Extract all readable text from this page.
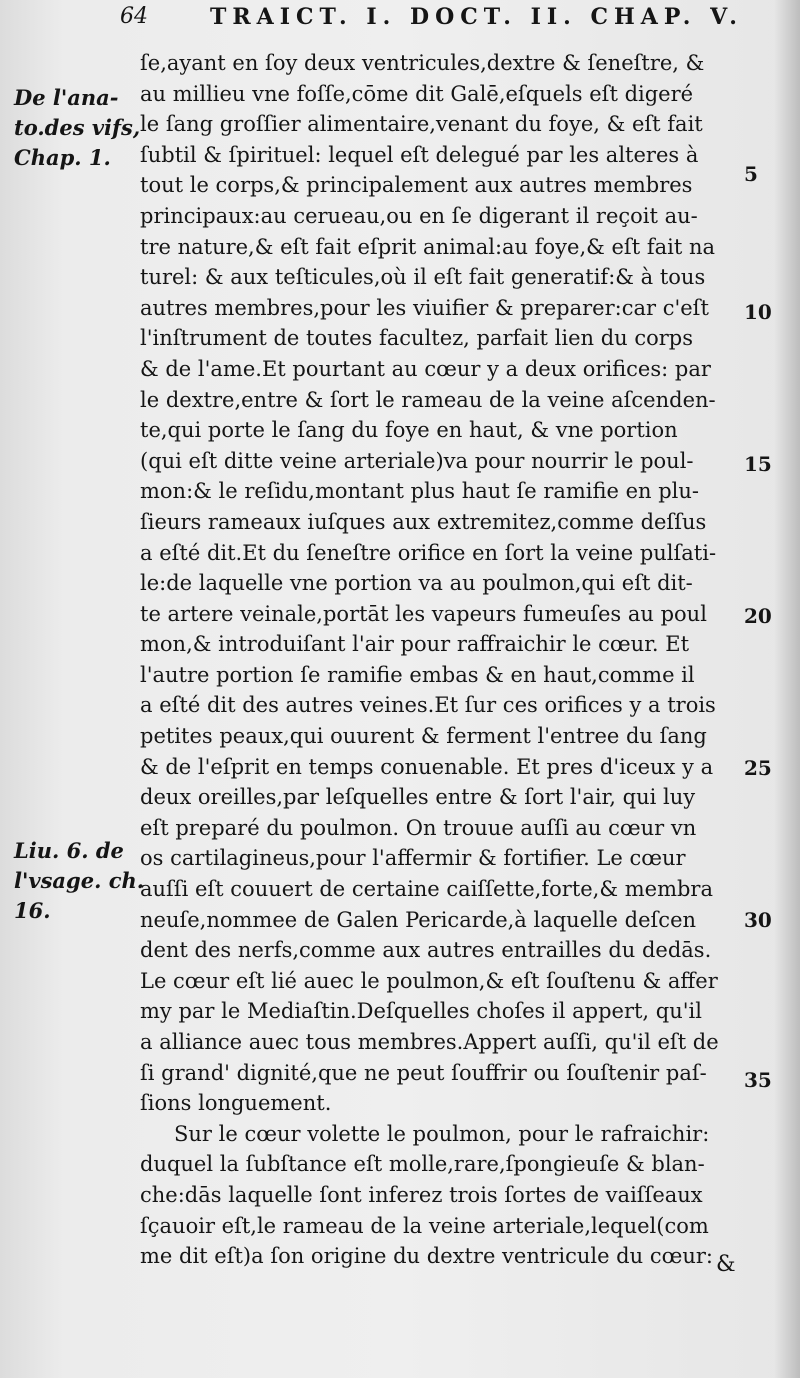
64	TRAICT. I. DOCT. II. CHAP. V.
ſe,ayant en ſoy deux ventricules,dextre & ſeneſtre, &
au millieu vne foſſe,cōme dit Galē,eſquels eſt digeré
le ſang groſſier alimentaire,venant du foye, & eſt fait
ſubtil & ſpirituel: lequel eſt delegué par les alteres à
tout le corps,& principalement aux autres membres
principaux:au cerueau,ou en ſe digerant il reçoit au-
tre nature,& eſt fait eſprit animal:au foye,& eſt fait na
turel: & aux teſticules,où il eſt fait generatif:& à tous
autres membres,pour les viuifier & preparer:car c'eſt
l'inſtrument de toutes facultez, parfait lien du corps
& de l'ame.Et pourtant au cœur y a deux orifices: par
le dextre,entre & ſort le rameau de la veine aſcenden-
te,qui porte le ſang du foye en haut, & vne portion
(qui eſt ditte veine arteriale)va pour nourrir le poul-
mon:& le reſidu,montant plus haut ſe ramifie en plu-
ſieurs rameaux iuſques aux extremitez,comme deſſus
a eſté dit.Et du ſeneſtre orifice en ſort la veine pulſati-
le:de laquelle vne portion va au poulmon,qui eſt dit-
te artere veinale,portāt les vapeurs fumeuſes au poul
mon,& introduiſant l'air pour raffraichir le cœur. Et
l'autre portion ſe ramifie embas & en haut,comme il
a eſté dit des autres veines.Et ſur ces orifices y a trois
petites peaux,qui ouurent & ferment l'entree du ſang
& de l'eſprit en temps conuenable. Et pres d'iceux y a
deux oreilles,par leſquelles entre & ſort l'air, qui luy
eſt preparé du poulmon. On trouue auſſi au cœur vn
os cartilagineus,pour l'affermir & fortifier. Le cœur
auſſi eſt couuert de certaine caiſſette,forte,& membra
neuſe,nommee de Galen Pericarde,à laquelle deſcen
dent des nerfs,comme aux autres entrailles du dedās.
Le cœur eſt lié auec le poulmon,& eſt ſouſtenu & affer
my par le Mediaſtin.Deſquelles choſes il appert, qu'il
a alliance auec tous membres.Appert auſſi, qu'il eſt de
ſi grand' dignité,que ne peut ſouffrir ou ſouſtenir paſ-
ſions longuement.
Sur le cœur volette le poulmon, pour le rafraichir:
duquel la ſubſtance eſt molle,rare,ſpongieuſe & blan-
che:dās laquelle ſont inferez trois ſortes de vaiſſeaux
ſçauoir eſt,le rameau de la veine arteriale,lequel(com
me dit eſt)a ſon origine du dextre ventricule du cœur:
De l'ana-
to.des vifs,
Chap. 1.
Liu. 6. de
l'vsage. ch.
16.
5
10
15
20
25
30
35
&
